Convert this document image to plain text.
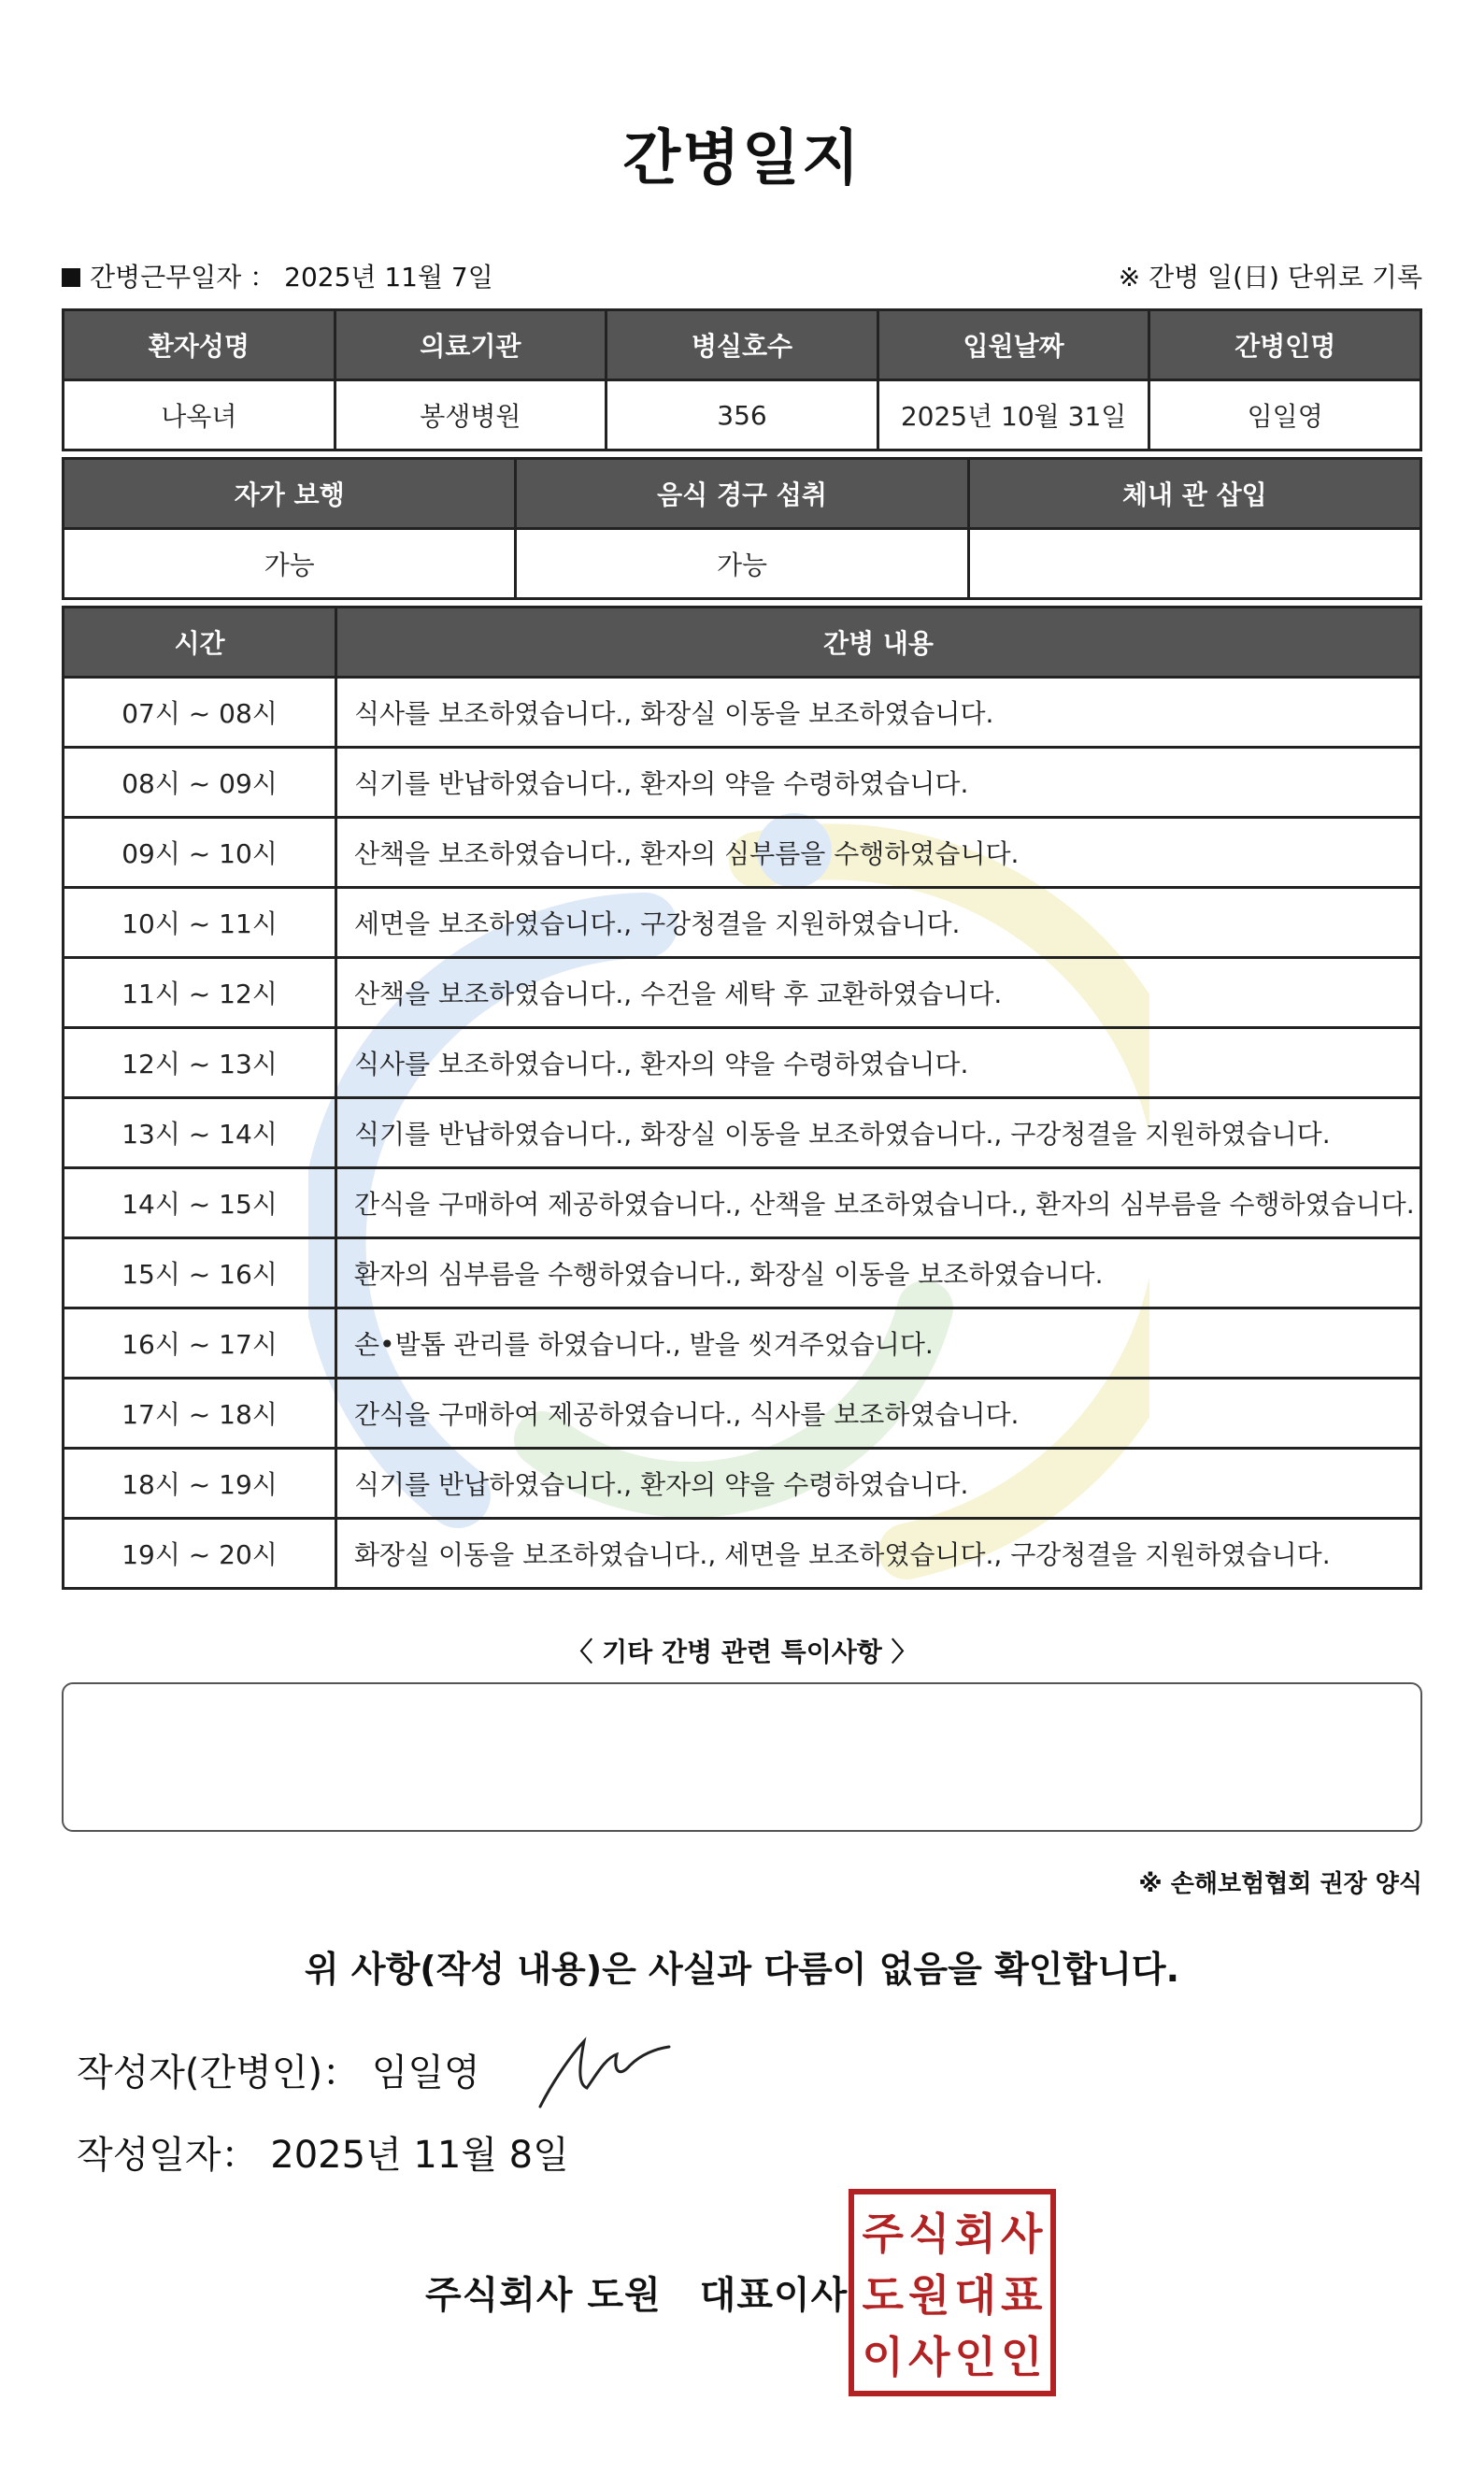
간병일지
간병근무일자 ： 2025년 11월 7일	※ 간병 일(日) 단위로 기록
환자성명	의료기관	병실호수	입원날짜	간병인명
나옥녀	봉생병원	356	2025년 10월 31일	임일영
자가 보행	음식 경구 섭취	체내 관 삽입
가능	가능	
시간	간병 내용
07시 ~ 08시	식사를 보조하였습니다., 화장실 이동을 보조하였습니다.
08시 ~ 09시	식기를 반납하였습니다., 환자의 약을 수령하였습니다.
09시 ~ 10시	산책을 보조하였습니다., 환자의 심부름을 수행하였습니다.
10시 ~ 11시	세면을 보조하였습니다., 구강청결을 지원하였습니다.
11시 ~ 12시	산책을 보조하였습니다., 수건을 세탁 후 교환하였습니다.
12시 ~ 13시	식사를 보조하였습니다., 환자의 약을 수령하였습니다.
13시 ~ 14시	식기를 반납하였습니다., 화장실 이동을 보조하였습니다., 구강청결을 지원하였습니다.
14시 ~ 15시	간식을 구매하여 제공하였습니다., 산책을 보조하였습니다., 환자의 심부름을 수행하였습니다.
15시 ~ 16시	환자의 심부름을 수행하였습니다., 화장실 이동을 보조하였습니다.
16시 ~ 17시	손•발톱 관리를 하였습니다., 발을 씻겨주었습니다.
17시 ~ 18시	간식을 구매하여 제공하였습니다., 식사를 보조하였습니다.
18시 ~ 19시	식기를 반납하였습니다., 환자의 약을 수령하였습니다.
19시 ~ 20시	화장실 이동을 보조하였습니다., 세면을 보조하였습니다., 구강청결을 지원하였습니다.
〈 기타 간병 관련 특이사항 〉
※ 손해보험협회 권장 양식
위 사항(작성 내용)은 사실과 다름이 없음을 확인합니다.
작성자(간병인)： 임일영
작성일자： 2025년 11월 8일
주식회사 도원　대표이사
주 식 회 사
도 원 대 표
이 사 인 인
